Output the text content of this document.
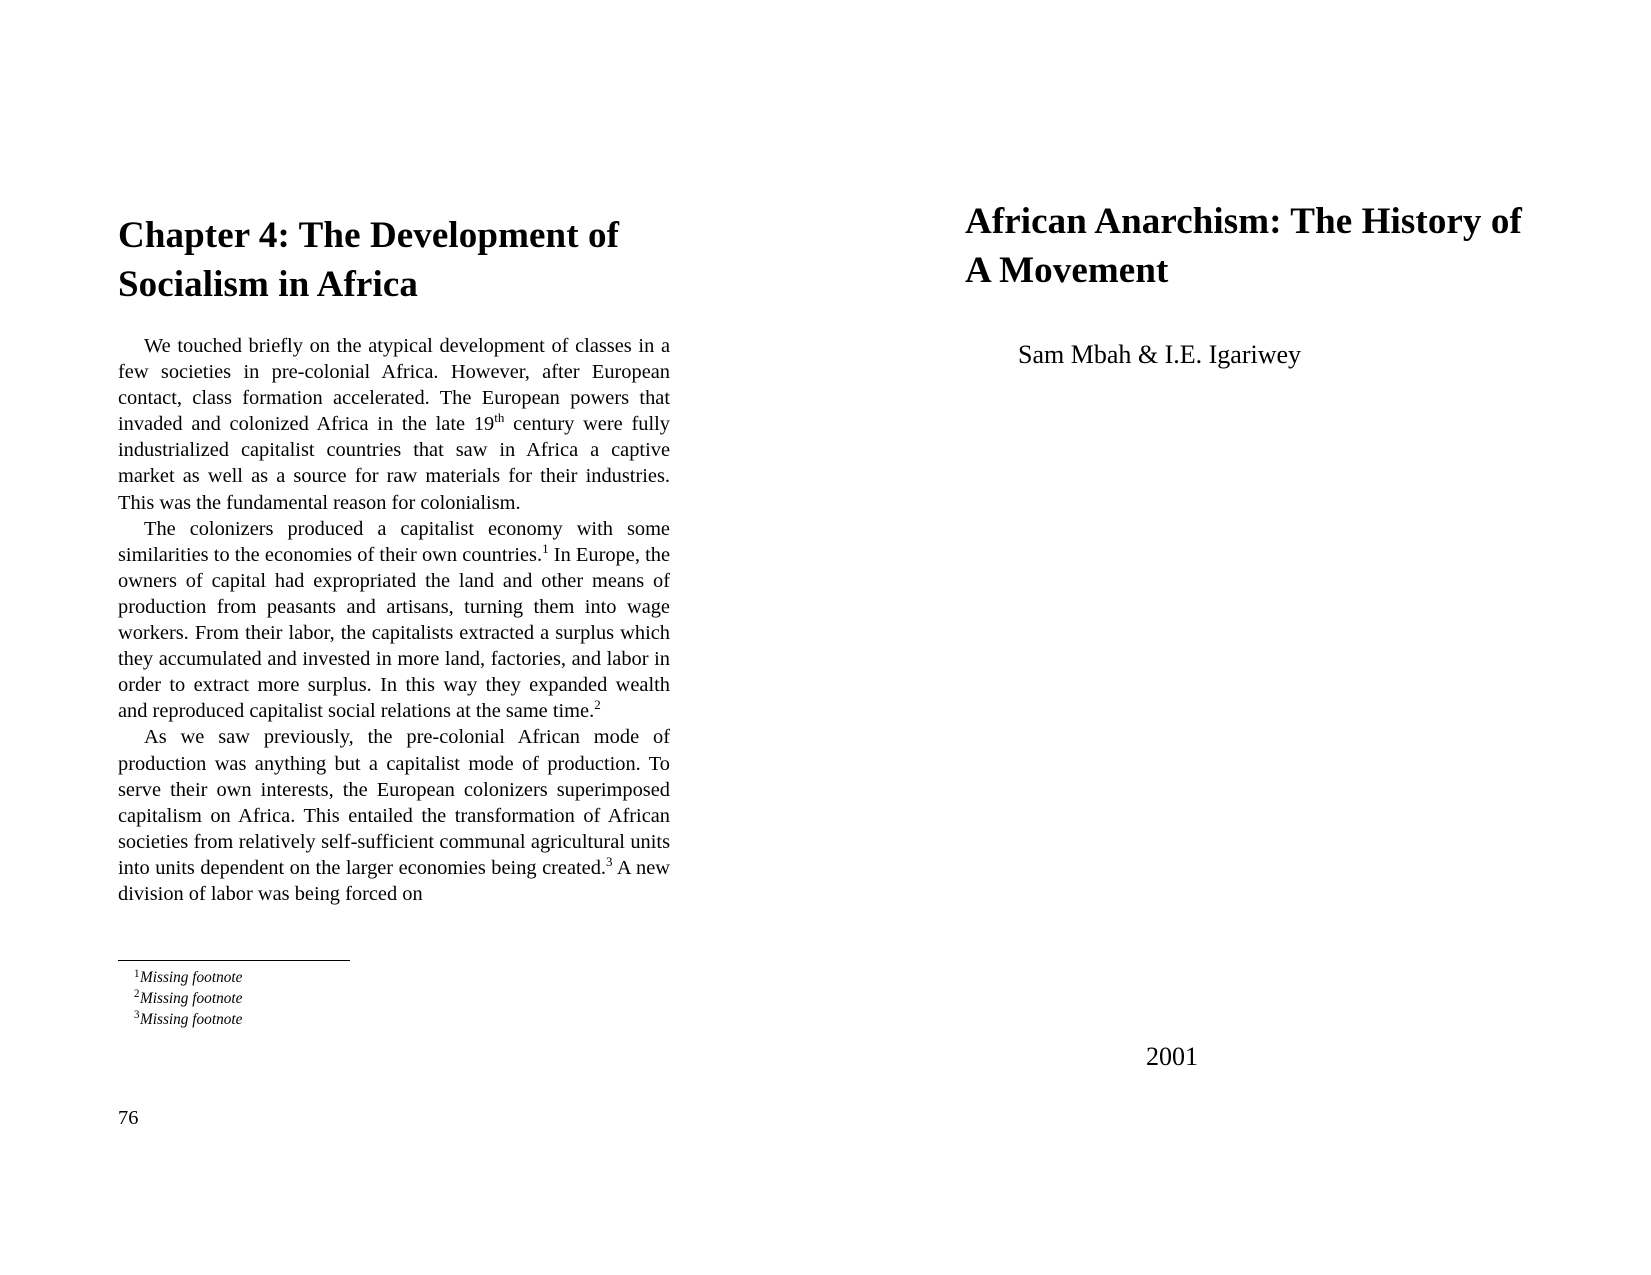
Chapter 4: The Development of Socialism in Africa

We touched briefly on the atypical development of classes in a few societies in pre-colonial Africa. However, after European contact, class formation accelerated. The European powers that invaded and colonized Africa in the late 19th century were fully industrialized capitalist countries that saw in Africa a captive market as well as a source for raw materials for their industries. This was the fundamental reason for colonialism.

The colonizers produced a capitalist economy with some similarities to the economies of their own countries.$^1$ In Europe, the owners of capital had expropriated the land and other means of production from peasants and artisans, turning them into wage workers. From their labor, the capitalists extracted a surplus which they accumulated and invested in more land, factories, and labor in order to extract more surplus. In this way they expanded wealth and reproduced capitalist social relations at the same time.$^2$

As we saw previously, the pre-colonial African mode of production was anything but a capitalist mode of production. To serve their own interests, the European colonizers superimposed capitalism on Africa. This entailed the transformation of African societies from relatively self-sufficient communal agricultural units into units dependent on the larger economies being created.$^3$ A new division of labor was being forced on

$^1$Missing footnote
$^2$Missing footnote
$^3$Missing footnote
76
African Anarchism: The History of A Movement
Sam Mbah & I.E. Igariwey
2001
